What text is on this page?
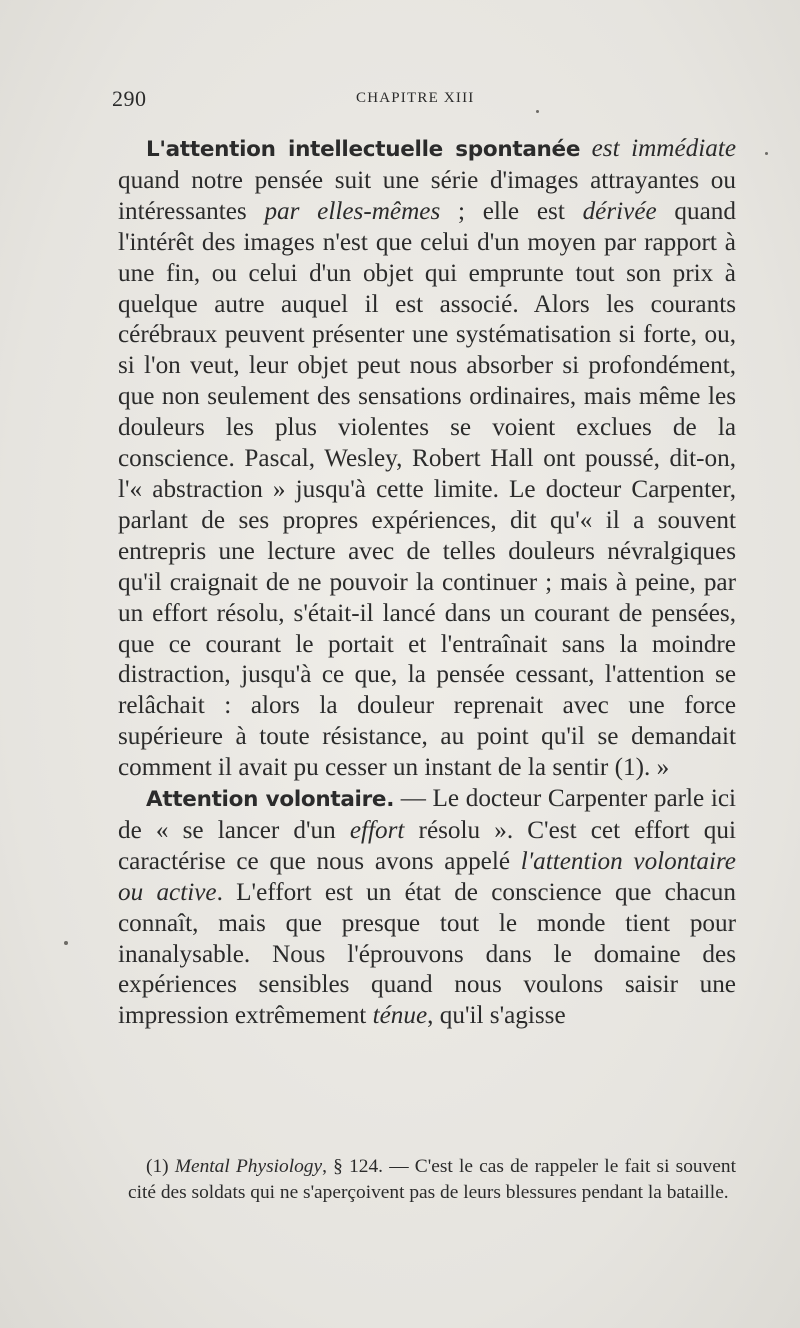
290	CHAPITRE XIII

L'attention intellectuelle spontanée est immédiate quand notre pensée suit une série d'images attrayantes ou intéressantes par elles-mêmes ; elle est dérivée quand l'intérêt des images n'est que celui d'un moyen par rapport à une fin, ou celui d'un objet qui emprunte tout son prix à quelque autre auquel il est associé. Alors les courants cérébraux peuvent présenter une systématisation si forte, ou, si l'on veut, leur objet peut nous absorber si profondément, que non seulement des sensations ordinaires, mais même les douleurs les plus violentes se voient exclues de la conscience. Pascal, Wesley, Robert Hall ont poussé, dit-on, l'« abstraction » jusqu'à cette limite. Le docteur Carpenter, parlant de ses propres expériences, dit qu'« il a souvent entrepris une lecture avec de telles douleurs névralgiques qu'il craignait de ne pouvoir la continuer ; mais à peine, par un effort résolu, s'était-il lancé dans un courant de pensées, que ce courant le portait et l'entraînait sans la moindre distraction, jusqu'à ce que, la pensée cessant, l'attention se relâchait : alors la douleur reprenait avec une force supérieure à toute résistance, au point qu'il se demandait comment il avait pu cesser un instant de la sentir (1). »

Attention volontaire. — Le docteur Carpenter parle ici de « se lancer d'un effort résolu ». C'est cet effort qui caractérise ce que nous avons appelé l'attention volontaire ou active. L'effort est un état de conscience que chacun connaît, mais que presque tout le monde tient pour inanalysable. Nous l'éprouvons dans le domaine des expériences sensibles quand nous voulons saisir une impression extrêmement ténue, qu'il s'agisse

(1) Mental Physiology, § 124. — C'est le cas de rappeler le fait si souvent cité des soldats qui ne s'aperçoivent pas de leurs blessures pendant la bataille.
